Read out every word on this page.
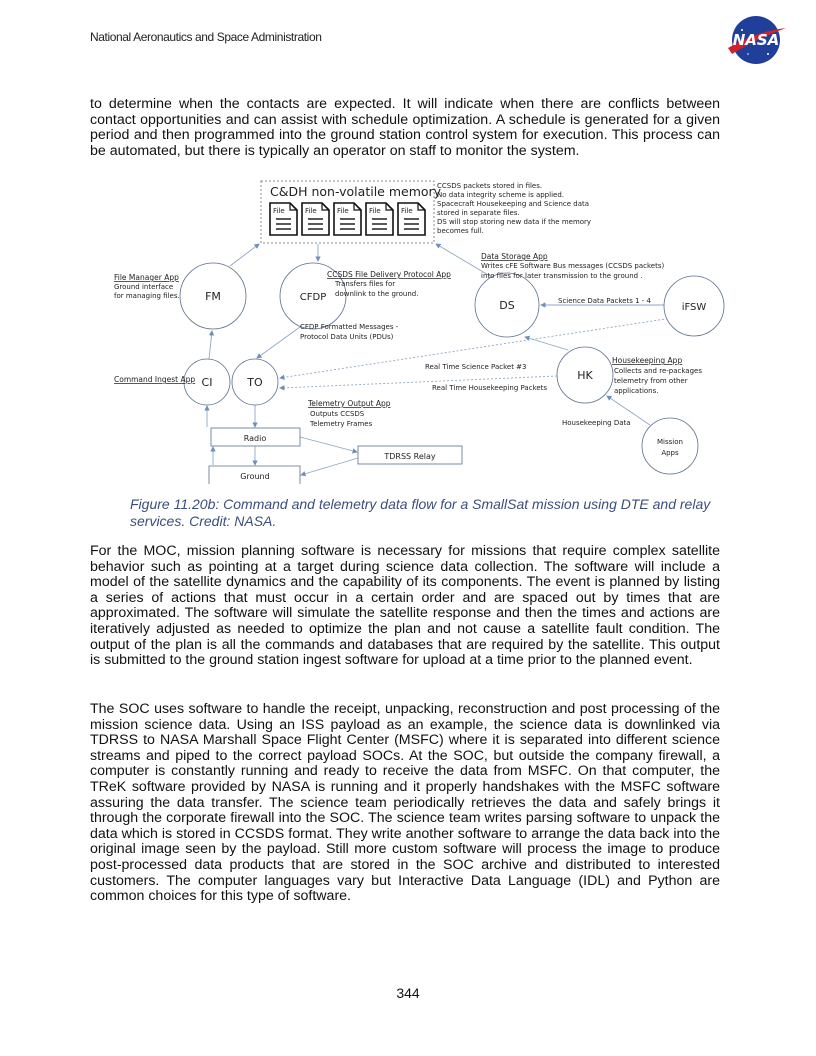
National Aeronautics and Space Administration	NASA
to determine when the contacts are expected. It will indicate when there are conflicts between contact opportunities and can assist with schedule optimization. A schedule is generated for a given period and then programmed into the ground station control system for execution. This process can be automated, but there is typically an operator on staff to monitor the system.
C&DH non-volatile memory
File	File	File	File	File
CCSDS packets stored in files.
No data integrity scheme is applied.
Spacecraft Housekeeping and Science data
stored in separate files.
DS will stop storing new data if the memory
becomes full.
FM	CFDP
DS	iFSW
CI	TO
HK
Mission
Apps
Radio
Ground
TDRSS Relay
File Manager App
Ground interface
for managing files.
CCSDS File Delivery Protocol App
Transfers files for
downlink to the ground.
CFDP Formatted Messages -
Protocol Data Units (PDUs)
Data Storage App
Writes cFE Software Bus messages (CCSDS packets)
into files for later transmission to the ground .
Science Data Packets 1 - 4
Real Time Science Packet #3
Real Time Housekeeping Packets
Housekeeping App
Collects and re-packages
telemetry from other
applications.
Command Ingest App
Telemetry Output App
Outputs CCSDS
Telemetry Frames	Housekeeping Data
Figure 11.20b: Command and telemetry data flow for a SmallSat mission using DTE and relay services. Credit: NASA.
For the MOC, mission planning software is necessary for missions that require complex satellite behavior such as pointing at a target during science data collection. The software will include a model of the satellite dynamics and the capability of its components. The event is planned by listing a series of actions that must occur in a certain order and are spaced out by times that are approximated. The software will simulate the satellite response and then the times and actions are iteratively adjusted as needed to optimize the plan and not cause a satellite fault condition. The output of the plan is all the commands and databases that are required by the satellite. This output is submitted to the ground station ingest software for upload at a time prior to the planned event.
The SOC uses software to handle the receipt, unpacking, reconstruction and post processing of the mission science data. Using an ISS payload as an example, the science data is downlinked via TDRSS to NASA Marshall Space Flight Center (MSFC) where it is separated into different science streams and piped to the correct payload SOCs. At the SOC, but outside the company firewall, a computer is constantly running and ready to receive the data from MSFC. On that computer, the TReK software provided by NASA is running and it properly handshakes with the MSFC software assuring the data transfer. The science team periodically retrieves the data and safely brings it through the corporate firewall into the SOC. The science team writes parsing software to unpack the data which is stored in CCSDS format. They write another software to arrange the data back into the original image seen by the payload. Still more custom software will process the image to produce post-processed data products that are stored in the SOC archive and distributed to interested customers. The computer languages vary but Interactive Data Language (IDL) and Python are common choices for this type of software.
344
